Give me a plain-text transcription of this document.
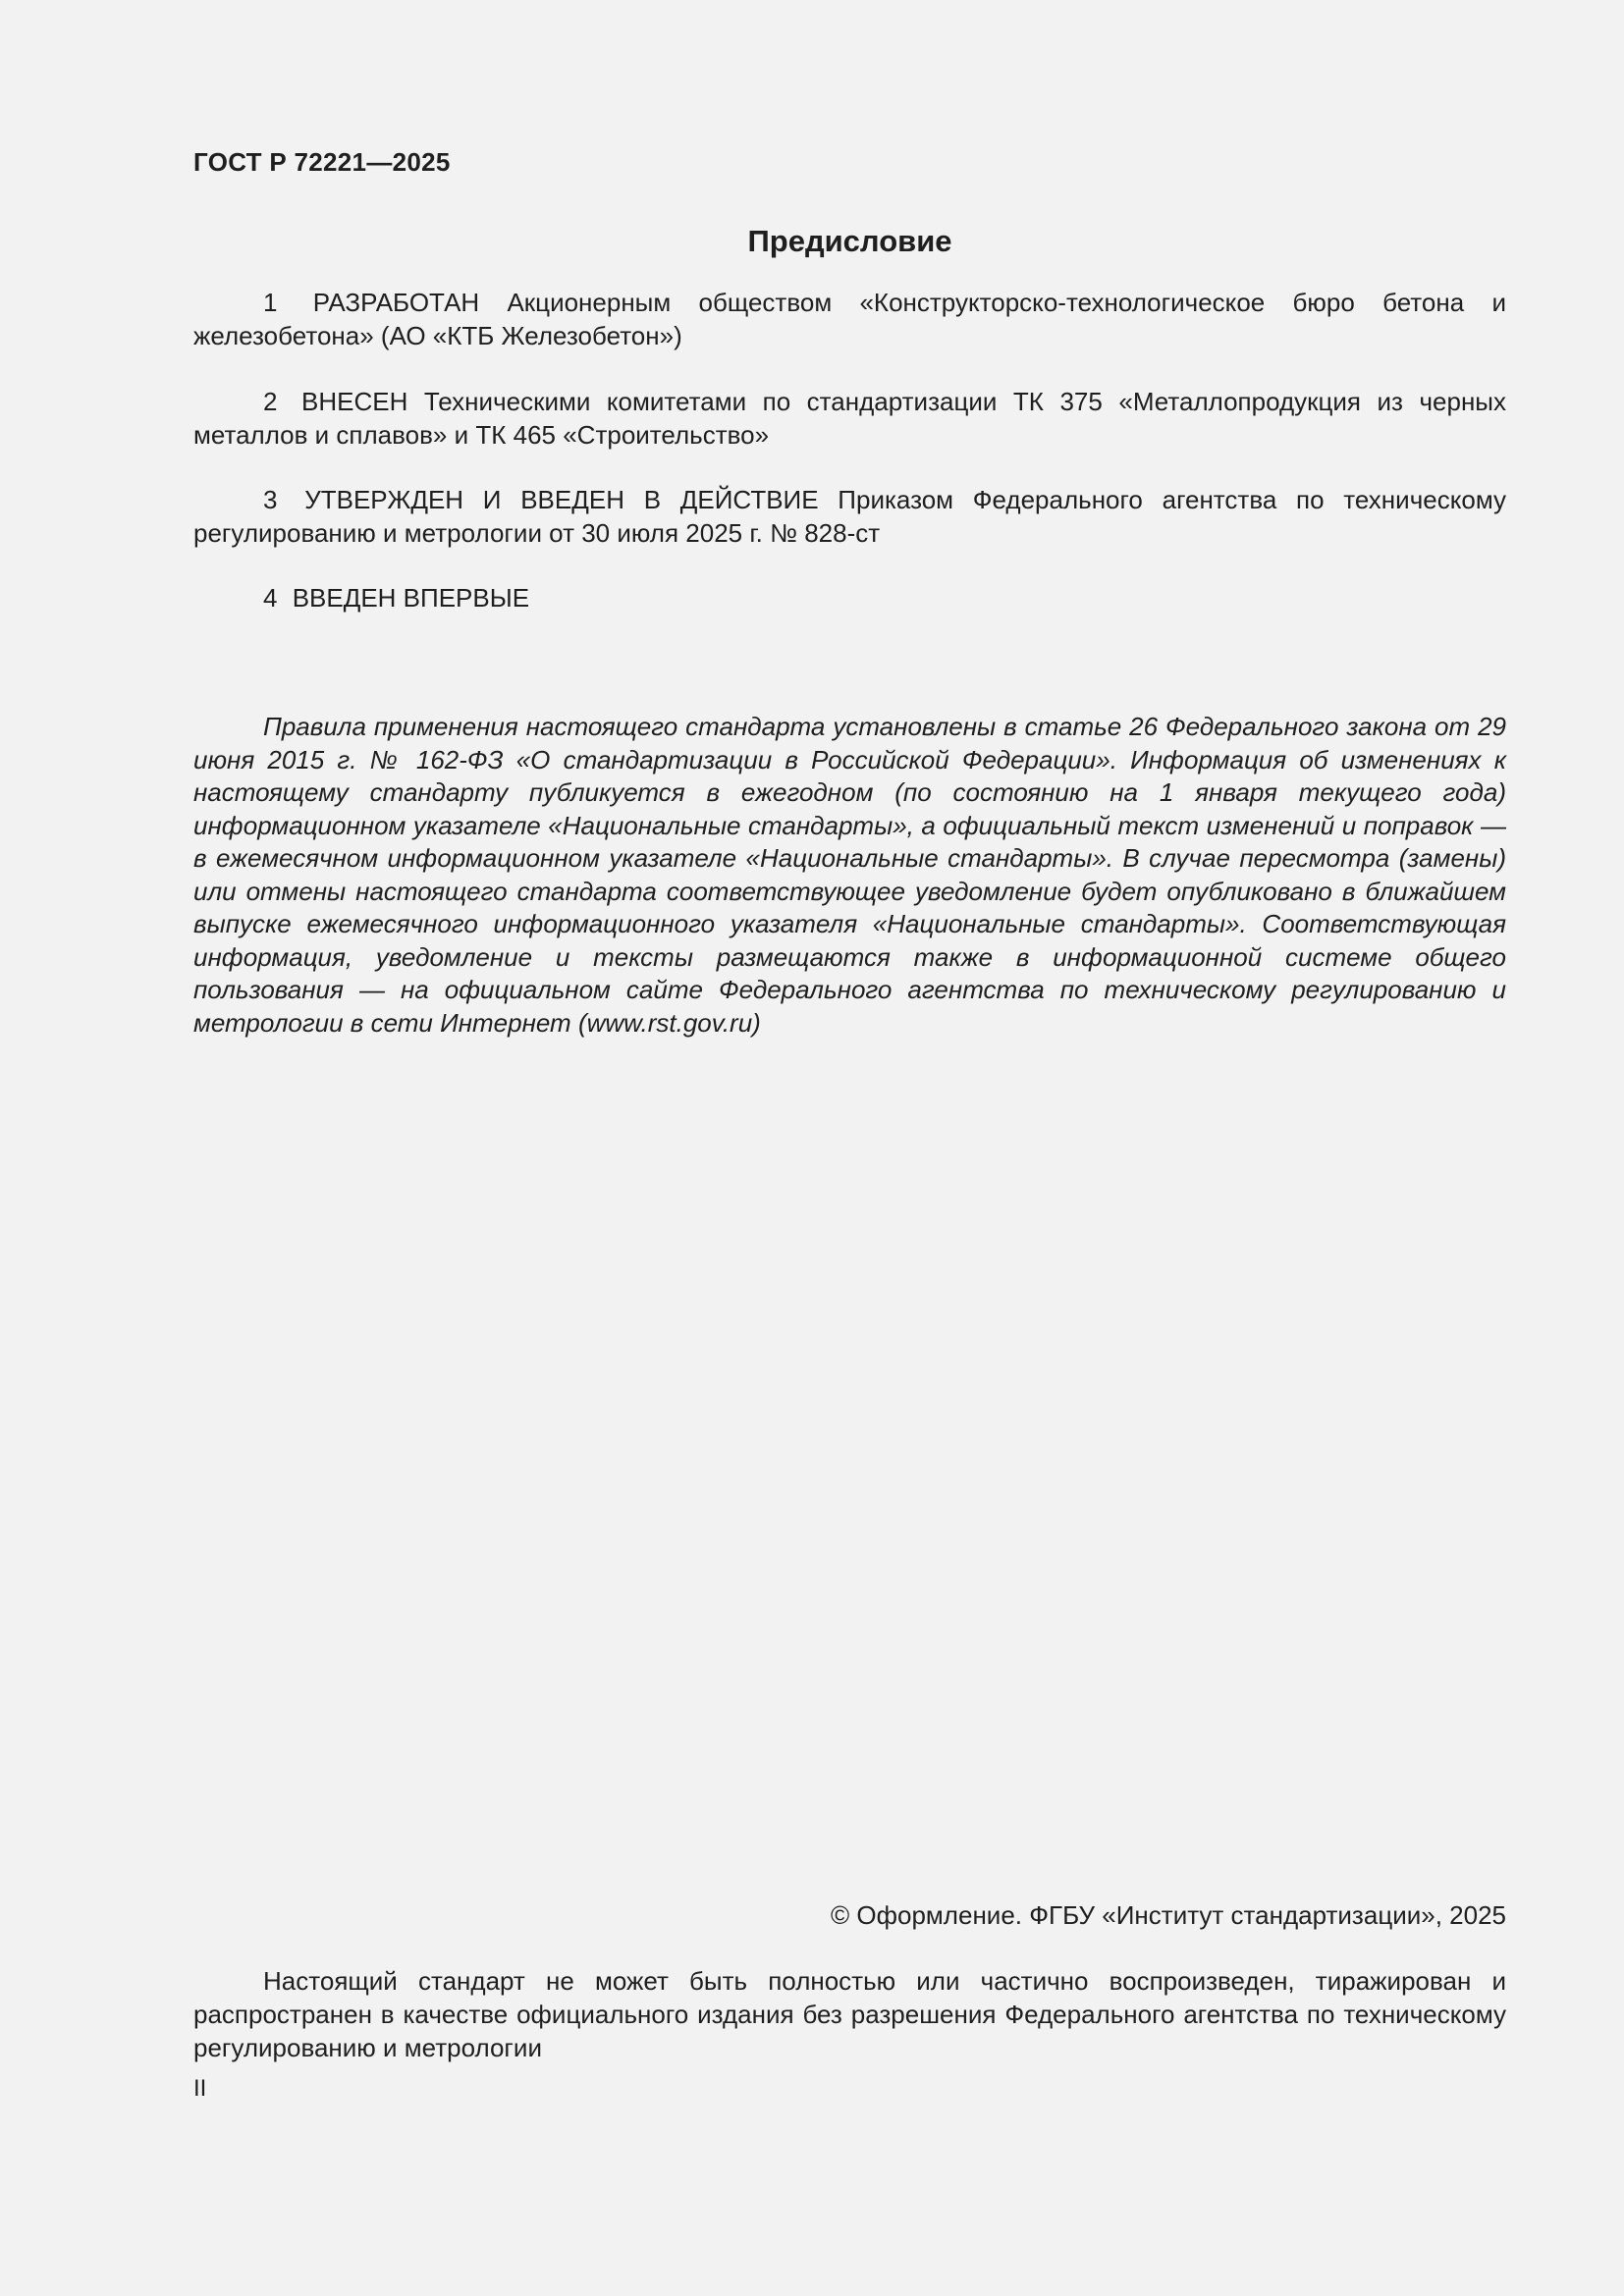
ГОСТ Р 72221—2025
Предисловие
1 РАЗРАБОТАН Акционерным обществом «Конструкторско-технологическое бюро бетона и железобетона» (АО «КТБ Железобетон»)
2 ВНЕСЕН Техническими комитетами по стандартизации ТК 375 «Металлопродукция из черных металлов и сплавов» и ТК 465 «Строительство»
3 УТВЕРЖДЕН И ВВЕДЕН В ДЕЙСТВИЕ Приказом Федерального агентства по техническому регулированию и метрологии от 30 июля 2025 г. № 828-ст
4 ВВЕДЕН ВПЕРВЫЕ
Правила применения настоящего стандарта установлены в статье 26 Федерального закона от 29 июня 2015 г. № 162-ФЗ «О стандартизации в Российской Федерации». Информация об изменениях к настоящему стандарту публикуется в ежегодном (по состоянию на 1 января текущего года) информационном указателе «Национальные стандарты», а официальный текст изменений и поправок — в ежемесячном информационном указателе «Национальные стандарты». В случае пересмотра (замены) или отмены настоящего стандарта соответствующее уведомление будет опубликовано в ближайшем выпуске ежемесячного информационного указателя «Национальные стандарты». Соответствующая информация, уведомление и тексты размещаются также в информационной системе общего пользования — на официальном сайте Федерального агентства по техническому регулированию и метрологии в сети Интернет (www.rst.gov.ru)
© Оформление. ФГБУ «Институт стандартизации», 2025
Настоящий стандарт не может быть полностью или частично воспроизведен, тиражирован и распространен в качестве официального издания без разрешения Федерального агентства по техническому регулированию и метрологии
II
